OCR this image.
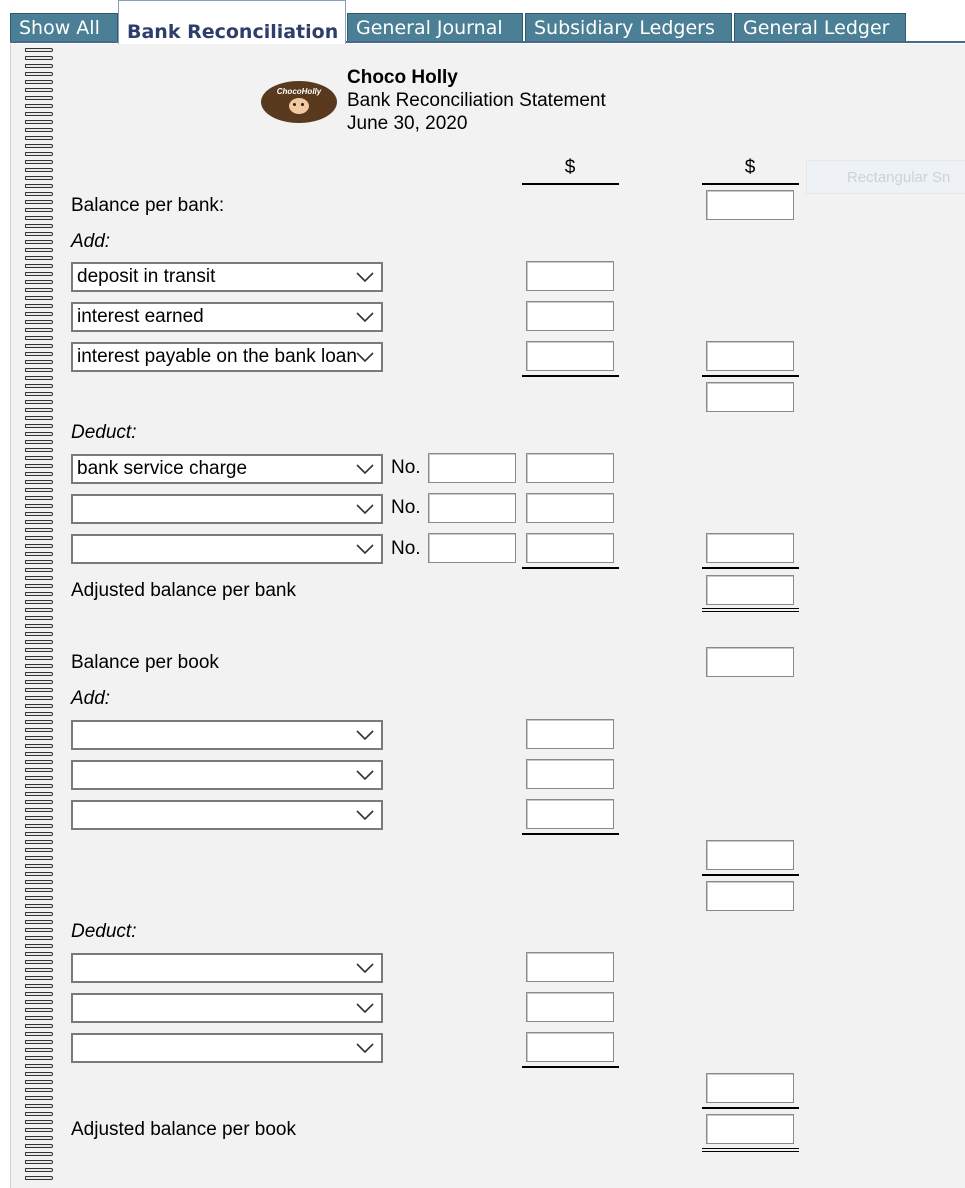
Show All	Bank Reconciliation General Journal	Subsidiary Ledgers	General Ledger
ChocoHolly
Choco Holly
Bank Reconciliation Statement
June 30, 2020
Rectangular Sn
$	$
Balance per bank:
Add:
deposit in transit
interest earned
interest payable on the bank loan
Deduct:
bank service charge	No.
No.
No.
Adjusted balance per bank
Balance per book
Add:
Deduct:
Adjusted balance per book
